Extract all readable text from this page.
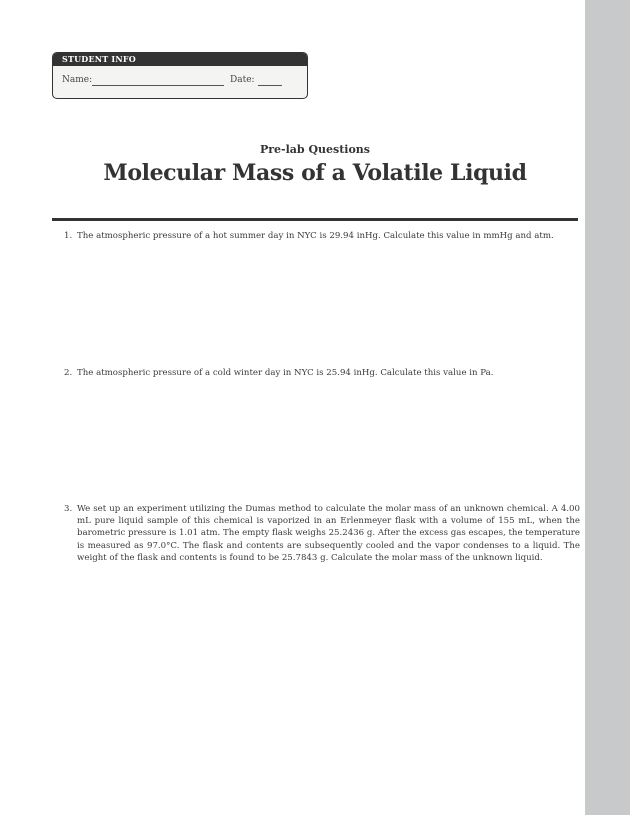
STUDENT INFO
Name:	Date:
Pre-lab Questions
Molecular Mass of a Volatile Liquid
1. The atmospheric pressure of a hot summer day in NYC is 29.94 inHg. Calculate this value in mmHg and atm.
2. The atmospheric pressure of a cold winter day in NYC is 25.94 inHg. Calculate this value in Pa.
3. We set up an experiment utilizing the Dumas method to calculate the molar mass of an unknown chemical. A 4.00 mL pure liquid sample of this chemical is vaporized in an Erlenmeyer flask with a volume of 155 mL, when the barometric pressure is 1.01 atm. The empty flask weighs 25.2436 g. After the excess gas escapes, the temperature is measured as 97.0°C. The flask and contents are subsequently cooled and the vapor condenses to a liquid. The weight of the flask and contents is found to be 25.7843 g. Calculate the molar mass of the unknown liquid.
